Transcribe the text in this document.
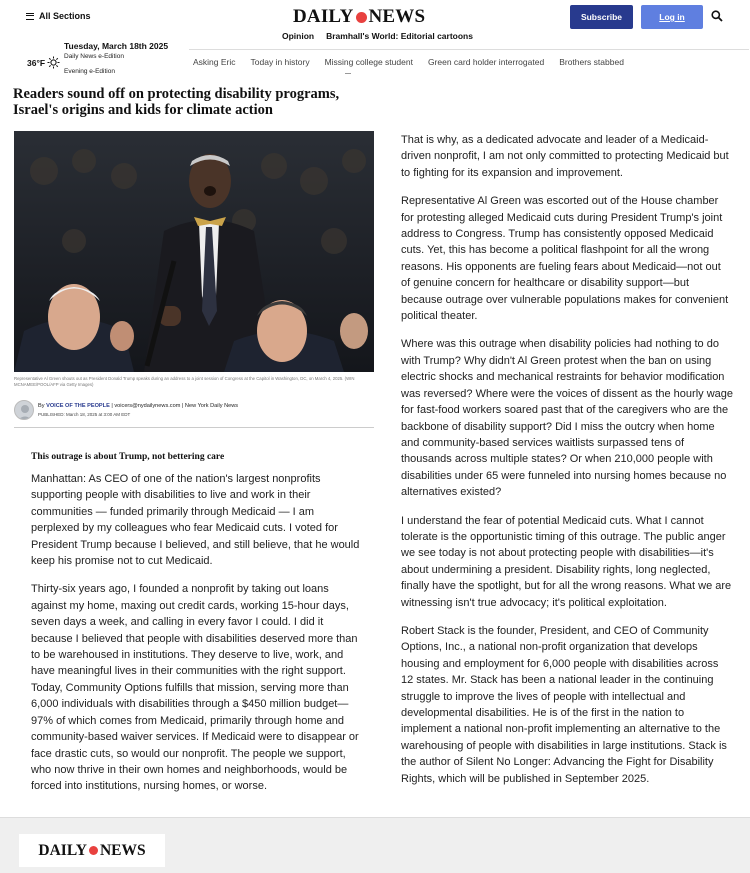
All Sections	DAILY NEWS	Subscribe	Log in
Opinion Bramhall's World: Editorial cartoons
Tuesday, March 18th 2025
Daily News e-Edition
Evening e-Edition
36°F	Asking Eric Today in history Missing college student Green card holder interrogated Brothers stabbed
Readers sound off on protecting disability programs, Israel's origins and kids for climate action
Representative Al Green shouts out as President Donald Trump speaks during an address to a joint session of Congress at the Capitol in Washington, DC, on March 4, 2025. (WIN MCNAMEE/POOL/AFP via Getty Images)
By VOICE OF THE PEOPLE | voicers@nydailynews.com | New York Daily News
PUBLISHED: March 18, 2025 at 3:00 AM EDT
This outrage is about Trump, not bettering care

Manhattan: As CEO of one of the nation's largest nonprofits supporting people with disabilities to live and work in their communities — funded primarily through Medicaid — I am perplexed by my colleagues who fear Medicaid cuts. I voted for President Trump because I believed, and still believe, that he would keep his promise not to cut Medicaid.

Thirty-six years ago, I founded a nonprofit by taking out loans against my home, maxing out credit cards, working 15-hour days, seven days a week, and calling in every favor I could. I did it because I believed that people with disabilities deserved more than to be warehoused in institutions. They deserve to live, work, and have meaningful lives in their communities with the right support. Today, Community Options fulfills that mission, serving more than 6,000 individuals with disabilities through a $450 million budget—97% of which comes from Medicaid, primarily through home and community-based waiver services. If Medicaid were to disappear or face drastic cuts, so would our nonprofit. The people we support, who now thrive in their own homes and neighborhoods, would be forced into institutions, nursing homes, or worse.

That is why, as a dedicated advocate and leader of a Medicaid-driven nonprofit, I am not only committed to protecting Medicaid but to fighting for its expansion and improvement.

Representative Al Green was escorted out of the House chamber for protesting alleged Medicaid cuts during President Trump's joint address to Congress. Trump has consistently opposed Medicaid cuts. Yet, this has become a political flashpoint for all the wrong reasons. His opponents are fueling fears about Medicaid—not out of genuine concern for healthcare or disability support—but because outrage over vulnerable populations makes for convenient political theater.

Where was this outrage when disability policies had nothing to do with Trump? Why didn't Al Green protest when the ban on using electric shocks and mechanical restraints for behavior modification was reversed? Where were the voices of dissent as the hourly wage for fast-food workers soared past that of the caregivers who are the backbone of disability support? Did I miss the outcry when home and community-based services waitlists surpassed tens of thousands across multiple states? Or when 210,000 people with disabilities under 65 were funneled into nursing homes because no alternatives existed?

I understand the fear of potential Medicaid cuts. What I cannot tolerate is the opportunistic timing of this outrage. The public anger we see today is not about protecting people with disabilities—it's about undermining a president. Disability rights, long neglected, finally have the spotlight, but for all the wrong reasons. What we are witnessing isn't true advocacy; it's political exploitation.

Robert Stack is the founder, President, and CEO of Community Options, Inc., a national non-profit organization that develops housing and employment for 6,000 people with disabilities across 12 states. Mr. Stack has been a national leader in the continuing struggle to improve the lives of people with intellectual and developmental disabilities. He is of the first in the nation to implement a national non-profit implementing an alternative to the warehousing of people with disabilities in large institutions. Stack is the author of Silent No Longer: Advancing the Fight for Disability Rights, which will be published in September 2025.

DAILY NEWS
